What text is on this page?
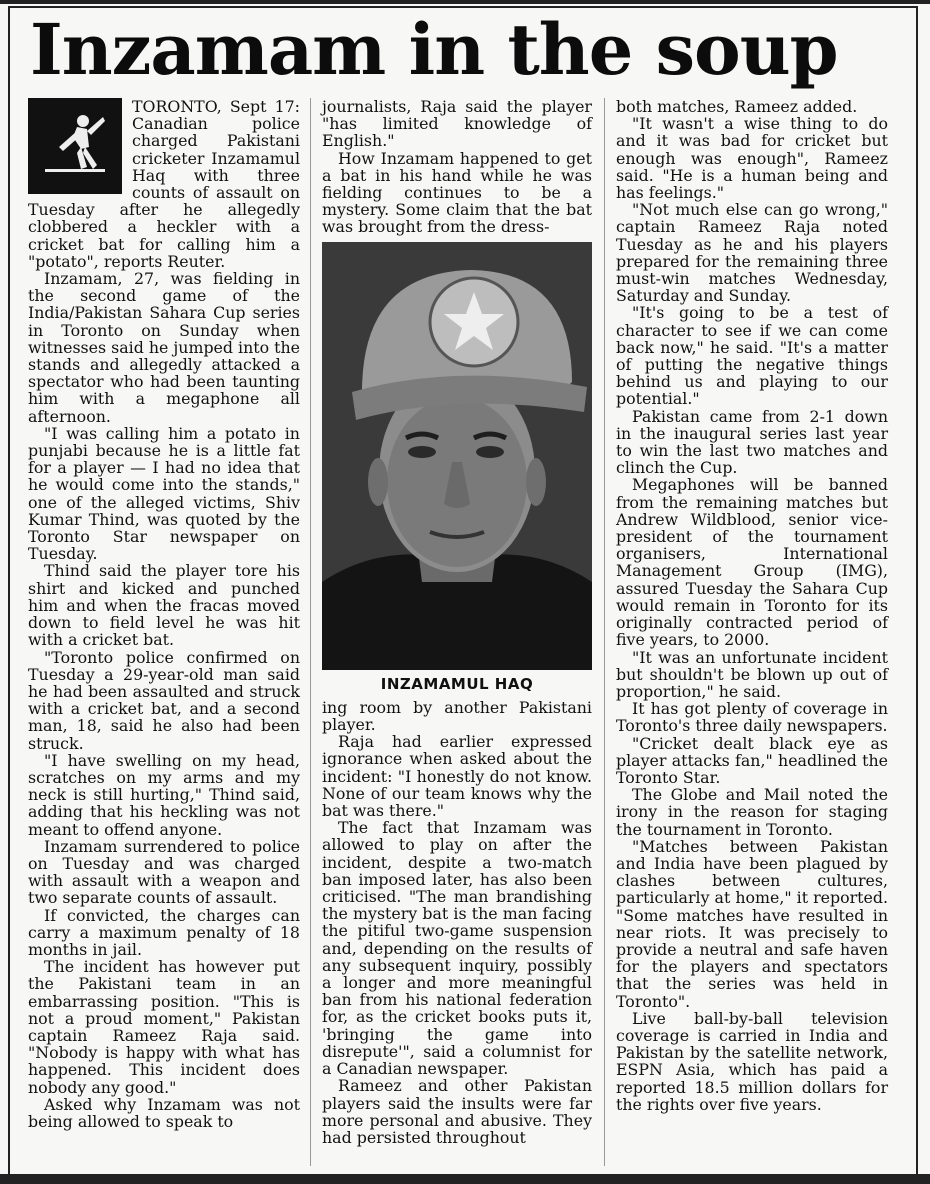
Inzamam in the soup

TORONTO, Sept 17: Canadian police charged Pakistani cricketer Inzamamul Haq with three counts of assault on Tuesday after he allegedly clobbered a heckler with a cricket bat for calling him a "potato", reports Reuter.

Inzamam, 27, was fielding in the second game of the India/Pakistan Sahara Cup series in Toronto on Sunday when witnesses said he jumped into the stands and allegedly attacked a spectator who had been taunting him with a megaphone all afternoon.

"I was calling him a potato in punjabi because he is a little fat for a player — I had no idea that he would come into the stands," one of the alleged victims, Shiv Kumar Thind, was quoted by the Toronto Star newspaper on Tuesday.

Thind said the player tore his shirt and kicked and punched him and when the fracas moved down to field level he was hit with a cricket bat.

"Toronto police confirmed on Tuesday a 29-year-old man said he had been assaulted and struck with a cricket bat, and a second man, 18, said he also had been struck.

"I have swelling on my head, scratches on my arms and my neck is still hurting," Thind said, adding that his heckling was not meant to offend anyone.

Inzamam surrendered to police on Tuesday and was charged with assault with a weapon and two separate counts of assault.

If convicted, the charges can carry a maximum penalty of 18 months in jail.

The incident has however put the Pakistani team in an embarrassing position. "This is not a proud moment," Pakistan captain Rameez Raja said. "Nobody is happy with what has happened. This incident does nobody any good."

Asked why Inzamam was not being allowed to speak to

journalists, Raja said the player "has limited knowledge of English."

How Inzamam happened to get a bat in his hand while he was fielding continues to be a mystery. Some claim that the bat was brought from the dress-

INZAMAMUL HAQ

ing room by another Pakistani player.

Raja had earlier expressed ignorance when asked about the incident: "I honestly do not know. None of our team knows why the bat was there."

The fact that Inzamam was allowed to play on after the incident, despite a two-match ban imposed later, has also been criticised. "The man brandishing the mystery bat is the man facing the pitiful two-game suspension and, depending on the results of any subsequent inquiry, possibly a longer and more meaningful ban from his national federation for, as the cricket books puts it, 'bringing the game into disrepute'", said a columnist for a Canadian newspaper.

Rameez and other Pakistan players said the insults were far more personal and abusive. They had persisted throughout

both matches, Rameez added.

"It wasn't a wise thing to do and it was bad for cricket but enough was enough", Rameez said. "He is a human being and has feelings."

"Not much else can go wrong," captain Rameez Raja noted Tuesday as he and his players prepared for the remaining three must-win matches Wednesday, Saturday and Sunday.

"It's going to be a test of character to see if we can come back now," he said. "It's a matter of putting the negative things behind us and playing to our potential."

Pakistan came from 2-1 down in the inaugural series last year to win the last two matches and clinch the Cup.

Megaphones will be banned from the remaining matches but Andrew Wildblood, senior vice-president of the tournament organisers, International Management Group (IMG), assured Tuesday the Sahara Cup would remain in Toronto for its originally contracted period of five years, to 2000.

"It was an unfortunate incident but shouldn't be blown up out of proportion," he said.

It has got plenty of coverage in Toronto's three daily newspapers.

"Cricket dealt black eye as player attacks fan," headlined the Toronto Star.

The Globe and Mail noted the irony in the reason for staging the tournament in Toronto.

"Matches between Pakistan and India have been plagued by clashes between cultures, particularly at home," it reported. "Some matches have resulted in near riots. It was precisely to provide a neutral and safe haven for the players and spectators that the series was held in Toronto".

Live ball-by-ball television coverage is carried in India and Pakistan by the satellite network, ESPN Asia, which has paid a reported 18.5 million dollars for the rights over five years.
